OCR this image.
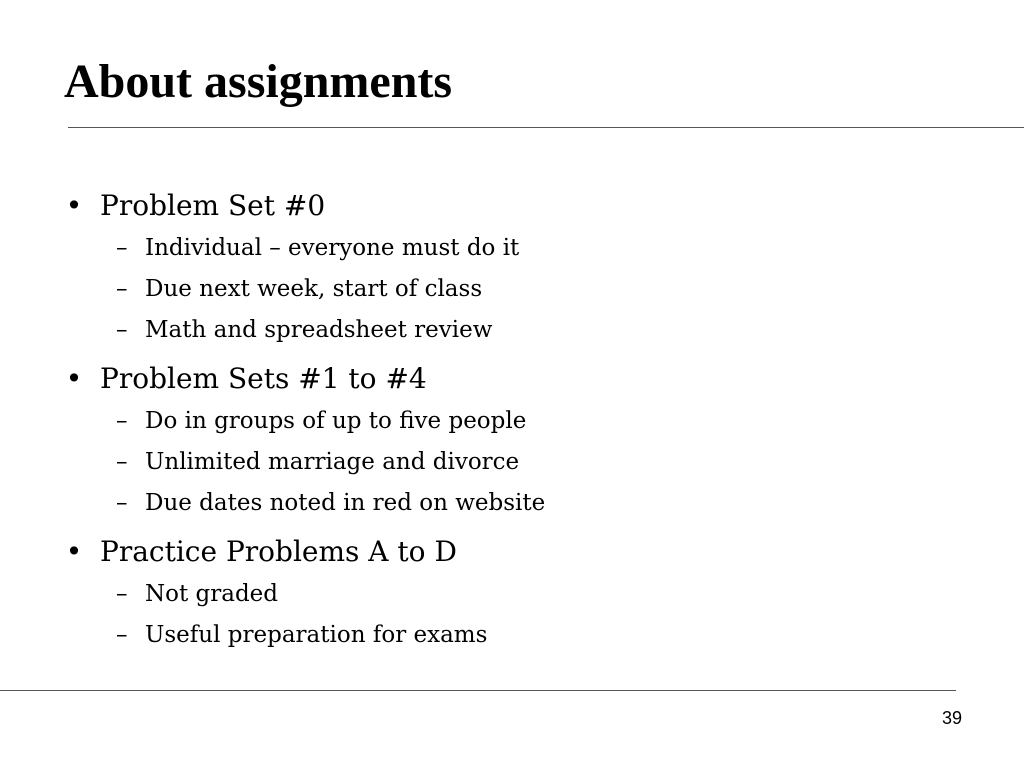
About assignments
• Problem Set #0
– Individual – everyone must do it
– Due next week, start of class
– Math and spreadsheet review
• Problem Sets #1 to #4
– Do in groups of up to five people
– Unlimited marriage and divorce
– Due dates noted in red on website
• Practice Problems A to D
– Not graded
– Useful preparation for exams
39
